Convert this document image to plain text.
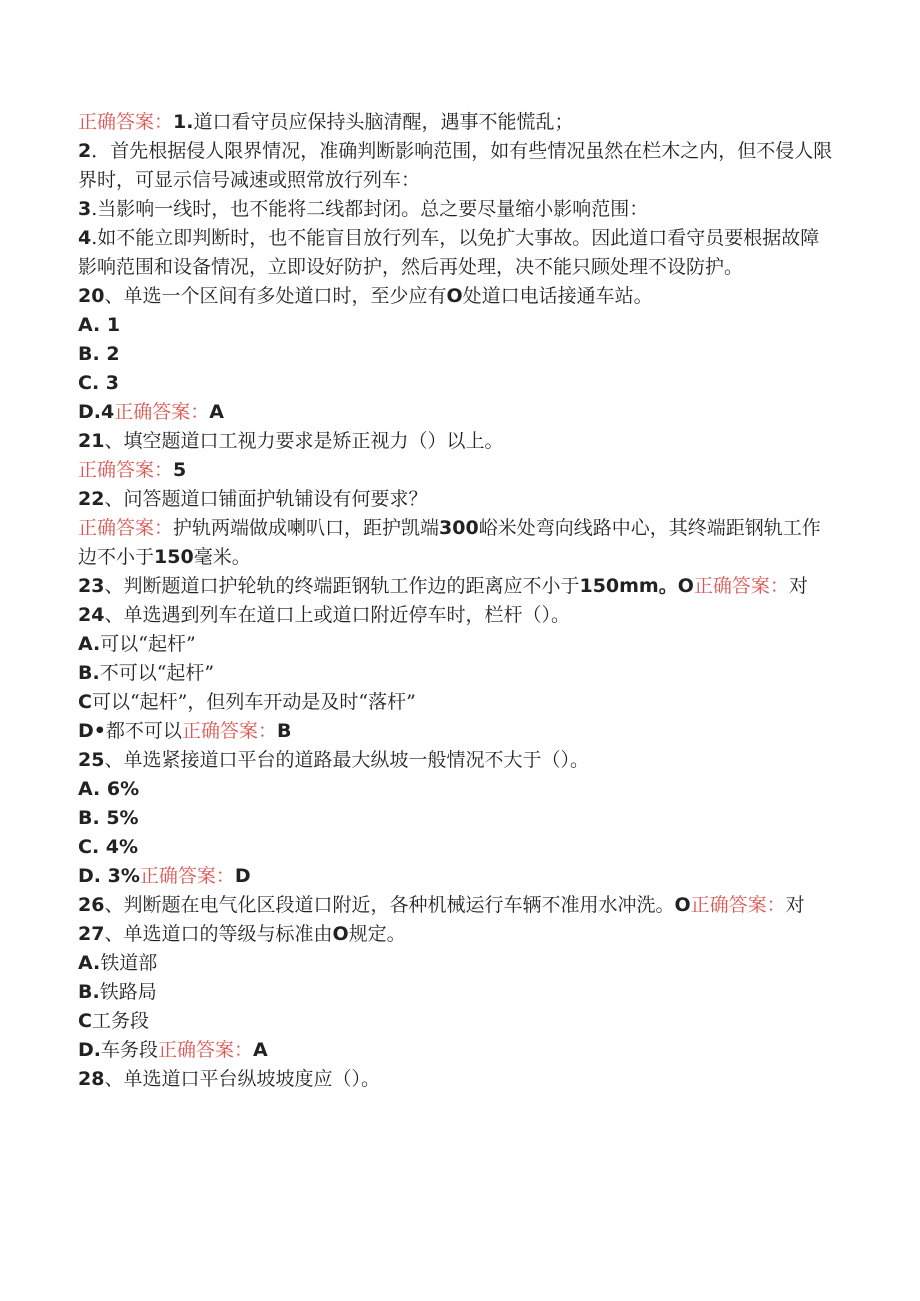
正确答案：1.道口看守员应保持头脑清醒，遇事不能慌乱；
2．首先根据侵人限界情况，准确判断影响范围，如有些情况虽然在栏木之内，但不侵人限界时，可显示信号减速或照常放行列车：
3.当影响一线时，也不能将二线都封闭。总之要尽量缩小影响范围：
4.如不能立即判断时，也不能盲目放行列车，以免扩大事故。因此道口看守员要根据故障影响范围和设备情况，立即设好防护，然后再处理，决不能只顾处理不设防护。
20、单选一个区间有多处道口时，至少应有O处道口电话接通车站。
A. 1
B. 2
C. 3
D.4正确答案：A
21、填空题道口工视力要求是矫正视力（）以上。
正确答案：5
22、问答题道口铺面护轨铺设有何要求？
正确答案：护轨两端做成喇叭口，距护凯端300峪米处弯向线路中心，其终端距钢轨工作边不小于150毫米。
23、判断题道口护轮轨的终端距钢轨工作边的距离应不小于150mm。O正确答案：对
24、单选遇到列车在道口上或道口附近停车时，栏杆（）。
A.可以“起杆”
B.不可以“起杆”
C可以“起杆”，但列车开动是及时“落杆”
D•都不可以正确答案：B
25、单选紧接道口平台的道路最大纵坡一般情况不大于（）。
A. 6%
B. 5%
C. 4%
D. 3%正确答案：D
26、判断题在电气化区段道口附近，各种机械运行车辆不准用水冲洗。O正确答案：对
27、单选道口的等级与标准由O规定。
A.铁道部
B.铁路局
C工务段
D.车务段正确答案：A
28、单选道口平台纵坡坡度应（）。
